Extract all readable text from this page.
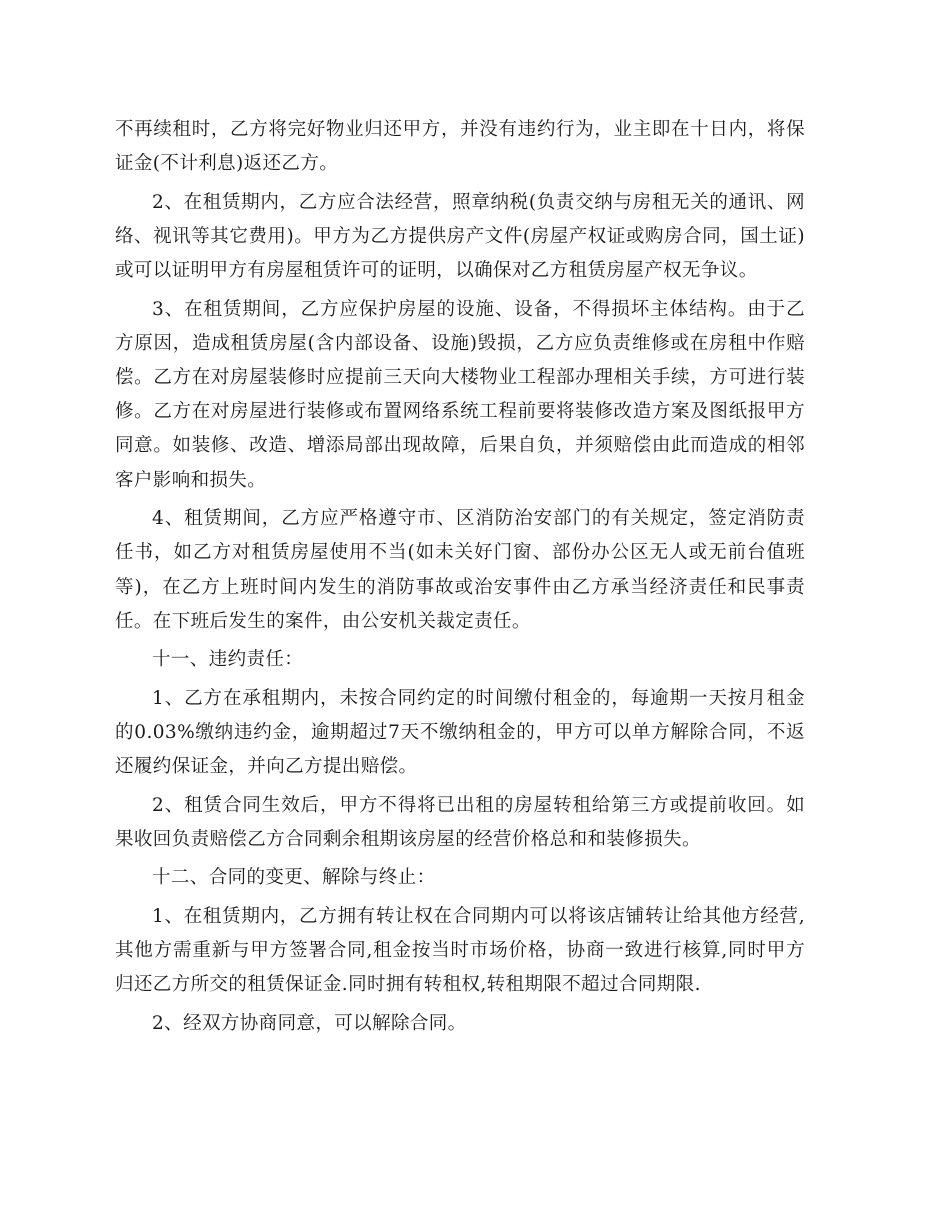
不再续租时，乙方将完好物业归还甲方，并没有违约行为，业主即在十日内，将保证金(不计利息)返还乙方。

2、在租赁期内，乙方应合法经营，照章纳税(负责交纳与房租无关的通讯、网络、视讯等其它费用)。甲方为乙方提供房产文件(房屋产权证或购房合同，国土证)或可以证明甲方有房屋租赁许可的证明，以确保对乙方租赁房屋产权无争议。

3、在租赁期间，乙方应保护房屋的设施、设备，不得损坏主体结构。由于乙方原因，造成租赁房屋(含内部设备、设施)毁损，乙方应负责维修或在房租中作赔偿。乙方在对房屋装修时应提前三天向大楼物业工程部办理相关手续，方可进行装修。乙方在对房屋进行装修或布置网络系统工程前要将装修改造方案及图纸报甲方同意。如装修、改造、增添局部出现故障，后果自负，并须赔偿由此而造成的相邻客户影响和损失。

4、租赁期间，乙方应严格遵守市、区消防治安部门的有关规定，签定消防责任书，如乙方对租赁房屋使用不当(如未关好门窗、部份办公区无人或无前台值班等)，在乙方上班时间内发生的消防事故或治安事件由乙方承当经济责任和民事责任。在下班后发生的案件，由公安机关裁定责任。

十一、违约责任：

1、乙方在承租期内，未按合同约定的时间缴付租金的，每逾期一天按月租金的0.03%缴纳违约金，逾期超过7天不缴纳租金的，甲方可以单方解除合同，不返还履约保证金，并向乙方提出赔偿。

2、租赁合同生效后，甲方不得将已出租的房屋转租给第三方或提前收回。如果收回负责赔偿乙方合同剩余租期该房屋的经营价格总和和装修损失。

十二、合同的变更、解除与终止：

1、在租赁期内，乙方拥有转让权在合同期内可以将该店铺转让给其他方经营,其他方需重新与甲方签署合同,租金按当时市场价格，协商一致进行核算,同时甲方归还乙方所交的租赁保证金.同时拥有转租权,转租期限不超过合同期限.

2、经双方协商同意，可以解除合同。
